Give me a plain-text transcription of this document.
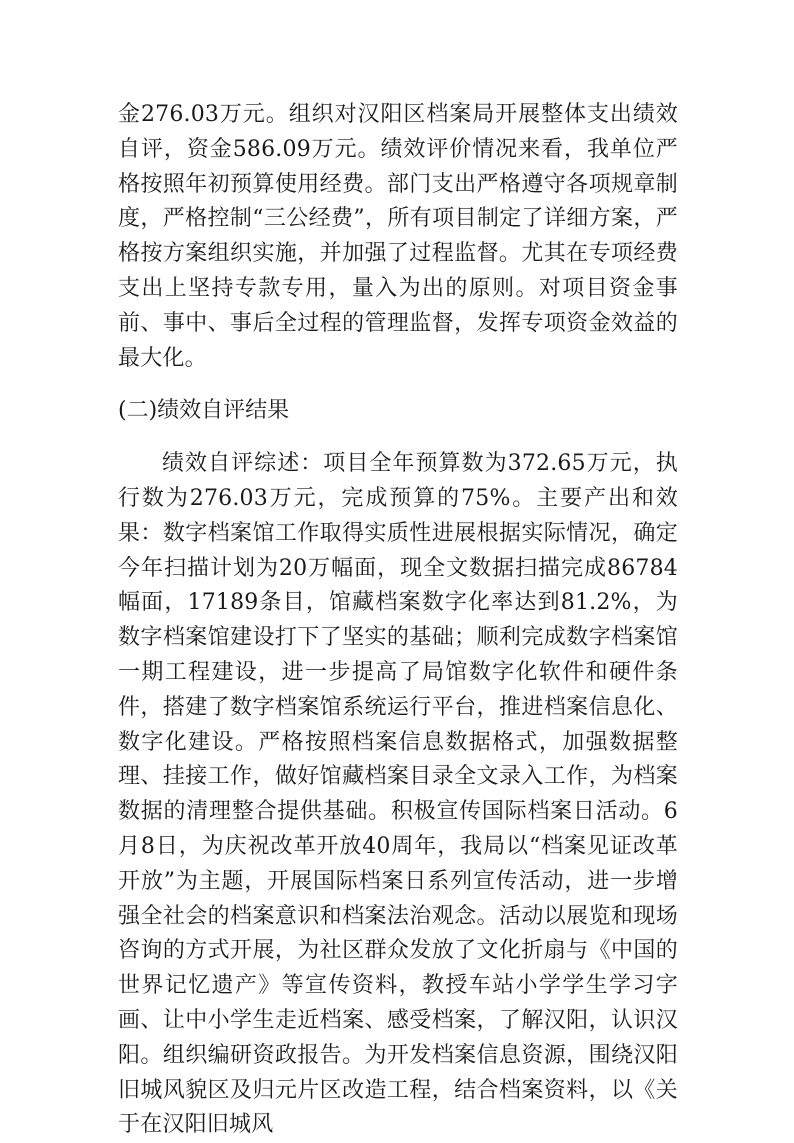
金276.03万元。组织对汉阳区档案局开展整体支出绩效自评，资金586.09万元。绩效评价情况来看，我单位严格按照年初预算使用经费。部门支出严格遵守各项规章制度，严格控制“三公经费”，所有项目制定了详细方案，严格按方案组织实施，并加强了过程监督。尤其在专项经费支出上坚持专款专用，量入为出的原则。对项目资金事前、事中、事后全过程的管理监督，发挥专项资金效益的最大化。

(二)绩效自评结果

绩效自评综述：项目全年预算数为372.65万元，执行数为276.03万元，完成预算的75%。主要产出和效果：数字档案馆工作取得实质性进展根据实际情况，确定今年扫描计划为20万幅面，现全文数据扫描完成86784幅面，17189条目，馆藏档案数字化率达到81.2%，为数字档案馆建设打下了坚实的基础；顺利完成数字档案馆一期工程建设，进一步提高了局馆数字化软件和硬件条件，搭建了数字档案馆系统运行平台，推进档案信息化、数字化建设。严格按照档案信息数据格式，加强数据整理、挂接工作，做好馆藏档案目录全文录入工作，为档案数据的清理整合提供基础。积极宣传国际档案日活动。6月8日，为庆祝改革开放40周年，我局以“档案见证改革开放”为主题，开展国际档案日系列宣传活动，进一步增强全社会的档案意识和档案法治观念。活动以展览和现场咨询的方式开展，为社区群众发放了文化折扇与《中国的世界记忆遗产》等宣传资料，教授车站小学学生学习字画、让中小学生走近档案、感受档案，了解汉阳，认识汉阳。组织编研资政报告。为开发档案信息资源，围绕汉阳旧城风貌区及归元片区改造工程，结合档案资料，以《关于在汉阳旧城风
